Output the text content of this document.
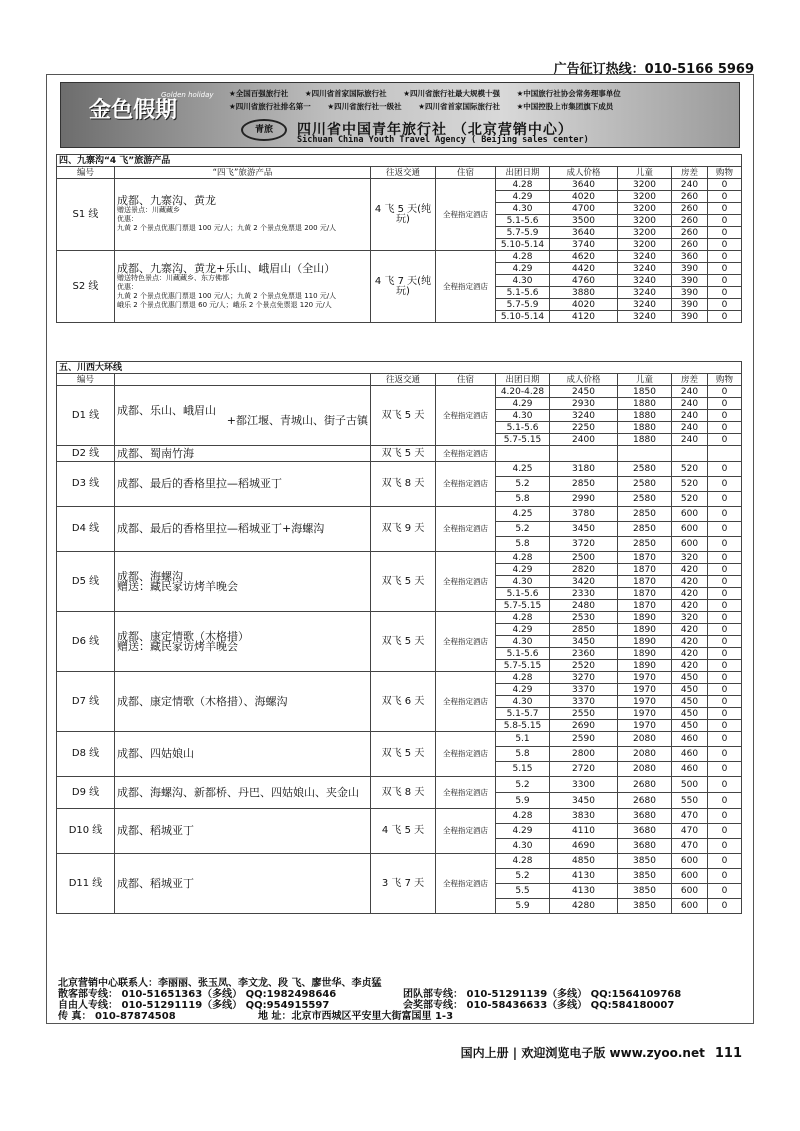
广告征订热线：010-5166 5969
金色假期
Golden holiday ★全国百强旅行社 ★四川省首家国际旅行社 ★四川省旅行社最大规模十强 ★中国旅行社协会常务理事单位
★四川省旅行社排名第一 ★四川省旅行社一级社 ★四川省首家国际旅行社 ★中国控股上市集团旗下成员
青旅	四川省中国青年旅行社 （北京营销中心）
Sichuan China Youth Travel Agency ( Beijing sales center)
四、九寨沟“4 飞”旅游产品								
编号	“四飞”旅游产品	往返交通	住宿	出团日期	成人价格	儿童	房差	购物
S1 线	成都、九寨沟、黄龙
赠送景点：川藏藏乡
优惠：
九黄 2 个景点优惠门票退 100 元/人；九黄 2 个景点免票退 200 元/人	4 飞 5 天(纯玩)	全程指定酒店	4.28	3640	3200	240	0
				4.29	4020	3200	260	0
				4.30	4700	3200	260	0
				5.1-5.6	3500	3200	260	0
				5.7-5.9	3640	3200	260	0
				5.10-5.14	3740	3200	260	0
S2 线	成都、九寨沟、黄龙+乐山、峨眉山（全山）
赠送特色景点：川藏藏乡、东方佛都
优惠：
九黄 2 个景点优惠门票退 100 元/人；九黄 2 个景点免票退 110 元/人
峨乐 2 个景点优惠门票退 60 元/人；峨乐 2 个景点免票退 120 元/人	4 飞 7 天(纯玩)	全程指定酒店	4.28	4620	3240	360	0
				4.29	4420	3240	390	0
				4.30	4760	3240	390	0
				5.1-5.6	3880	3240	390	0
				5.7-5.9	4020	3240	390	0
				5.10-5.14	4120	3240	390	0
五、川西大环线								
编号		往返交通	住宿	出团日期	成人价格	儿童	房差	购物
D1 线	成都、乐山、峨眉山
+都江堰、青城山、街子古镇	双飞 5 天	全程指定酒店	4.20-4.28	2450	1850	240	0
				4.29	2930	1880	240	0
				4.30	3240	1880	240	0
				5.1-5.6	2250	1880	240	0
				5.7-5.15	2400	1880	240	0
D2 线	成都、蜀南竹海	双飞 5 天	全程指定酒店					
D3 线	成都、最后的香格里拉—稻城亚丁	双飞 8 天	全程指定酒店	4.25	3180	2580	520	0
				5.2	2850	2580	520	0
				5.8	2990	2580	520	0
D4 线	成都、最后的香格里拉—稻城亚丁+海螺沟	双飞 9 天	全程指定酒店	4.25	3780	2850	600	0
				5.2	3450	2850	600	0
				5.8	3720	2850	600	0
D5 线	成都、海螺沟
赠送：藏民家访烤羊晚会	双飞 5 天	全程指定酒店	4.28	2500	1870	320	0
				4.29	2820	1870	420	0
				4.30	3420	1870	420	0
				5.1-5.6	2330	1870	420	0
				5.7-5.15	2480	1870	420	0
D6 线	成都、康定情歌（木格措）
赠送：藏民家访烤羊晚会	双飞 5 天	全程指定酒店	4.28	2530	1890	320	0
				4.29	2850	1890	420	0
				4.30	3450	1890	420	0
				5.1-5.6	2360	1890	420	0
				5.7-5.15	2520	1890	420	0
D7 线	成都、康定情歌（木格措）、海螺沟	双飞 6 天	全程指定酒店	4.28	3270	1970	450	0
				4.29	3370	1970	450	0
				4.30	3370	1970	450	0
				5.1-5.7	2550	1970	450	0
				5.8-5.15	2690	1970	450	0
D8 线	成都、四姑娘山	双飞 5 天	全程指定酒店	5.1	2590	2080	460	0
				5.8	2800	2080	460	0
				5.15	2720	2080	460	0
D9 线	成都、海螺沟、新都桥、丹巴、四姑娘山、夹金山	双飞 8 天	全程指定酒店	5.2	3300	2680	500	0
				5.9	3450	2680	550	0
D10 线	成都、稻城亚丁	4 飞 5 天	全程指定酒店	4.28	3830	3680	470	0
				4.29	4110	3680	470	0
				4.30	4690	3680	470	0
D11 线	成都、稻城亚丁	3 飞 7 天	全程指定酒店	4.28	4850	3850	600	0
				5.2	4130	3850	600	0
				5.5	4130	3850	600	0
				5.9	4280	3850	600	0
北京营销中心联系人：李丽丽、张玉凤、李文龙、段 飞、廖世华、李贞猛
散客部专线： 010-51651363（多线） QQ:1982498646	团队部专线： 010-51291139（多线） QQ:1564109768
自由人专线： 010-51291119（多线） QQ:954915597	会奖部专线： 010-58436633（多线） QQ:584180007
传 真： 010-87874508	地 址：北京市西城区平安里大街富国里 1-3
国内上册 | 欢迎浏览电子版 www.zyoo.net 111
